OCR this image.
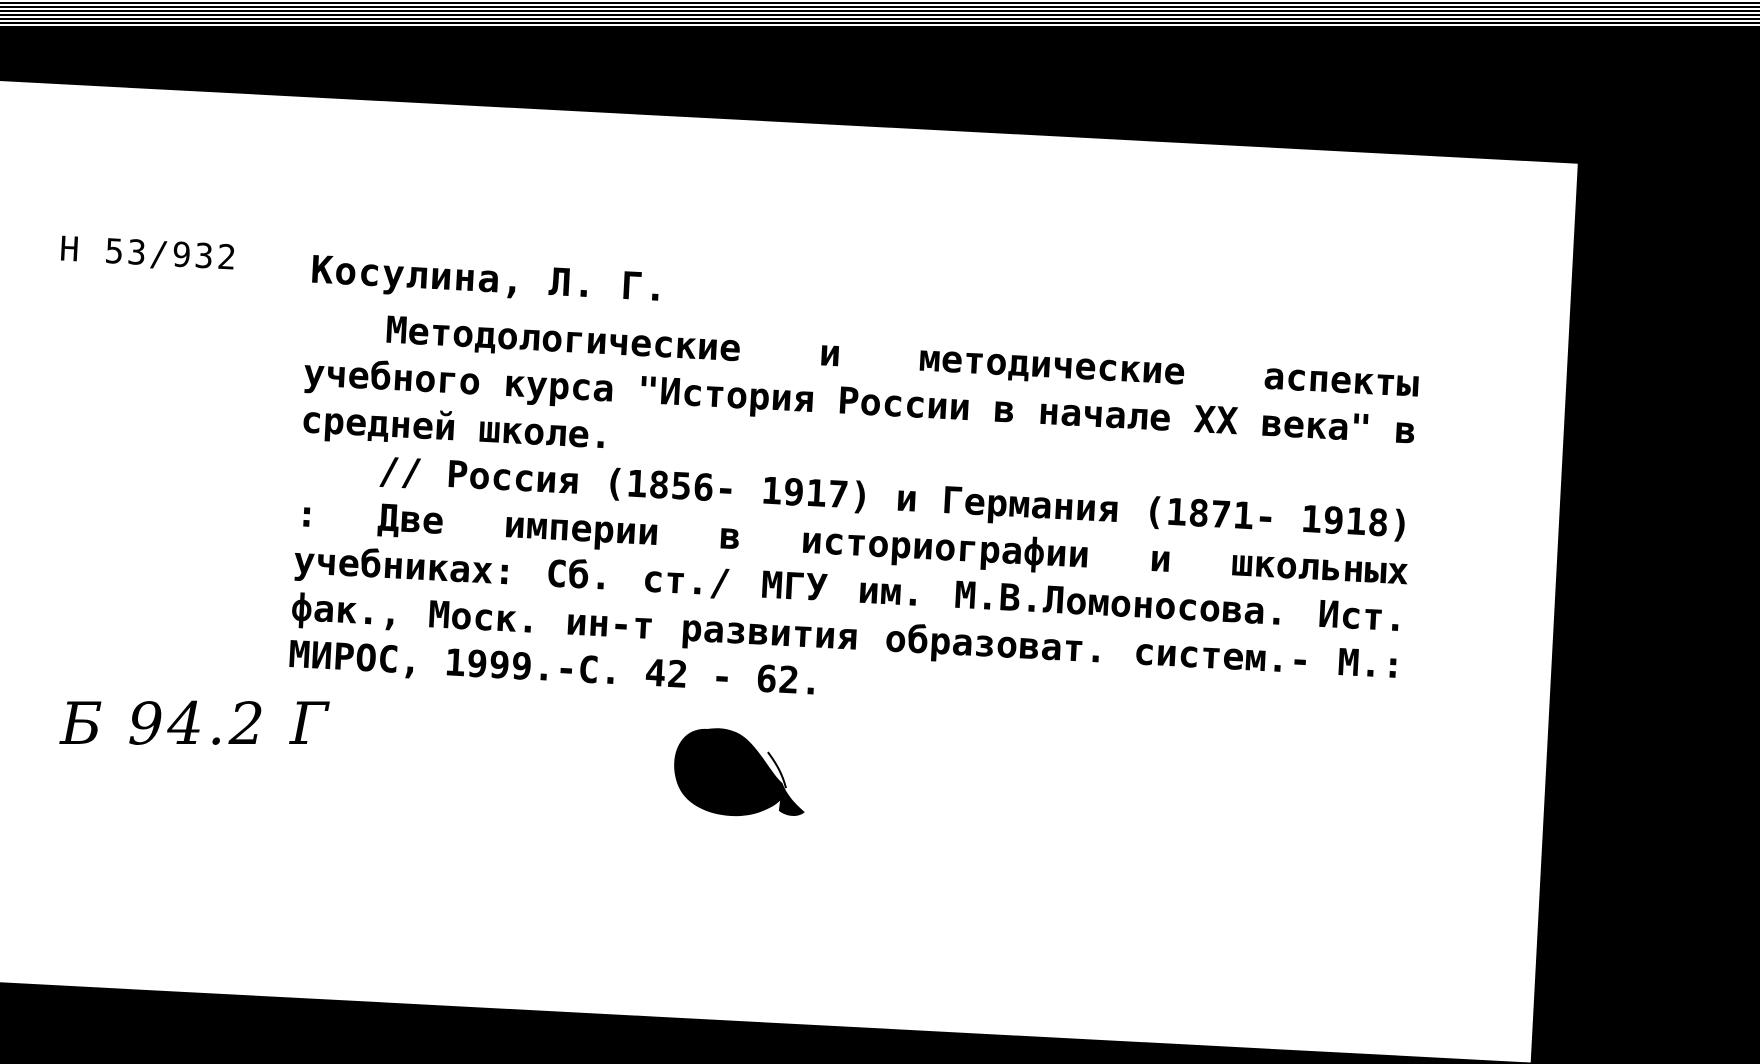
Н 53/932 Косулина, Л. Г.

Методологические и методические аспекты учебного курса "История России в начале XX века" в средней школе.

// Россия (1856- 1917) и Германия (1871- 1918) : Две империи в историографии и школьных учебниках: Сб. ст./ МГУ им. М.В.Ломоносова. Ист. фак., Моск. ин-т развития образоват. систем.- М.: МИРОС, 1999.-С. 42 - 62.

Б 94.2 Г
